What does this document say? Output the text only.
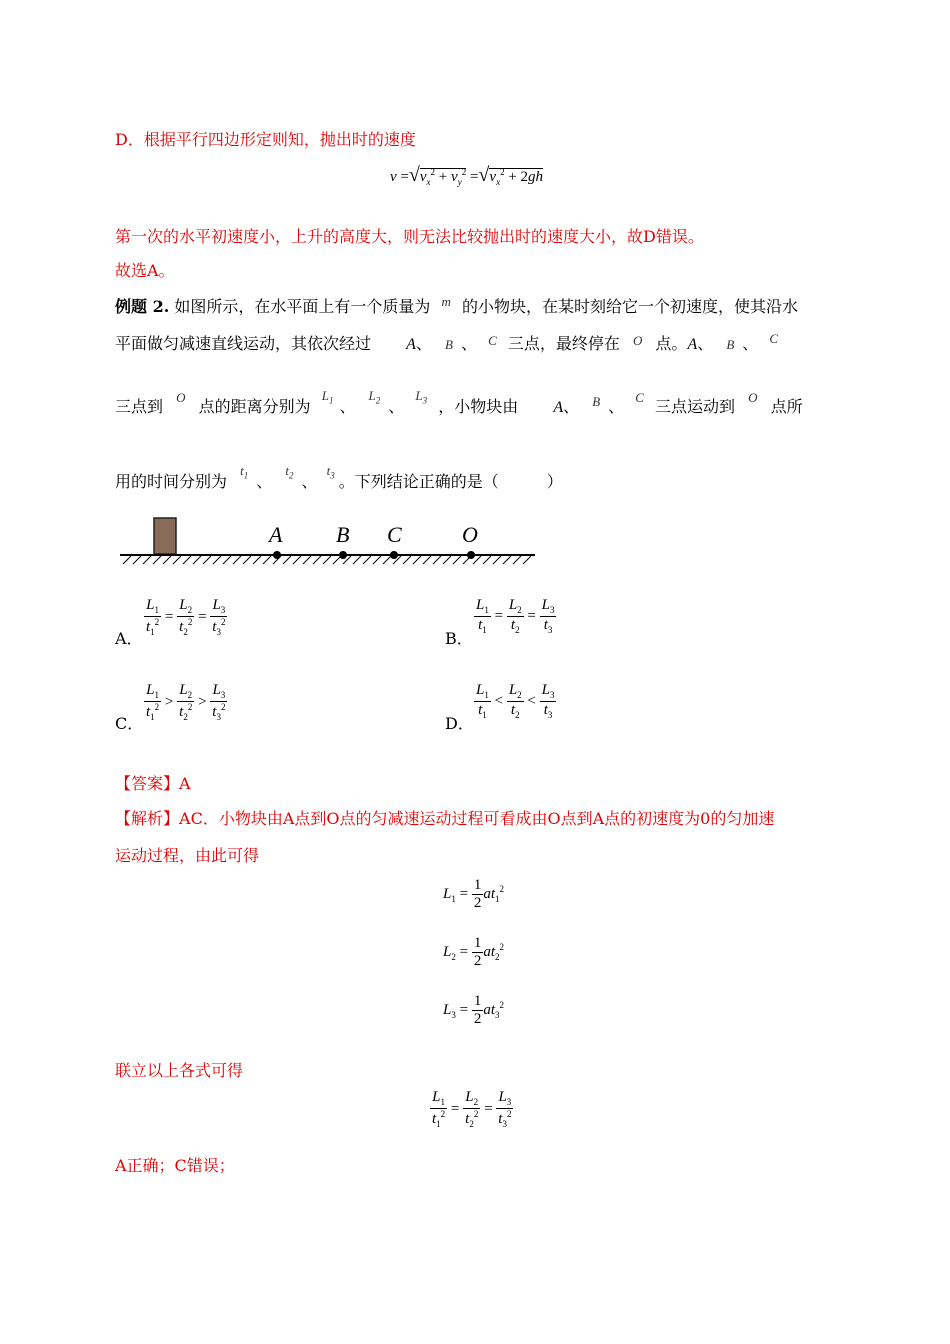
D．根据平行四边形定则知，抛出时的速度
$v =√v_x^2 + v_y^2 =√v_x^2 + 2gh$
第一次的水平初速度小，上升的高度大，则无法比较抛出时的速度大小，故D错误。
故选A。
例题 2. 如图所示，在水平面上有一个质量为 $^m$ 的小物块，在某时刻给它一个初速度，使其沿水
平面做匀减速直线运动，其依次经过 A、 B 、 $^C$ 三点，最终停在 $^O$ 点。A、 B 、 $^C$
三点到 $^O$ 点的距离分别为 $^{L_1}$ 、 $^{L_2}$ 、 $^{L_3}$ ，小物块由 A、 $^B$ 、 $^C$ 三点运动到 $^O$ 点所
用的时间分别为 $^{t_1}$ 、 $^{t_2}$ 、 $^{t_3}$ 。下列结论正确的是（　　　）
A B C	O
A．
$\frac{L_1}{t_1^2} = \frac{L_2}{t_2^2} = \frac{L_3}{t_3^2}$
B．
$\frac{L_1}{t_1} = \frac{L_2}{t_2} = \frac{L_3}{t_3}$
C．
$\frac{L_1}{t_1^2} > \frac{L_2}{t_2^2} > \frac{L_3}{t_3^2}$
D．
$\frac{L_1}{t_1} < \frac{L_2}{t_2} < \frac{L_3}{t_3}$
【答案】A
【解析】AC．小物块由A点到O点的匀减速运动过程可看成由O点到A点的初速度为0的匀加速
运动过程，由此可得
$L_1 = \frac{1}{2} at_1^2$
$L_2 = \frac{1}{2} at_2^2$
$L_3 = \frac{1}{2} at_3^2$
联立以上各式可得
$\frac{L_1}{t_1^2} = \frac{L_2}{t_2^2} = \frac{L_3}{t_3^2}$
A正确；C错误；
